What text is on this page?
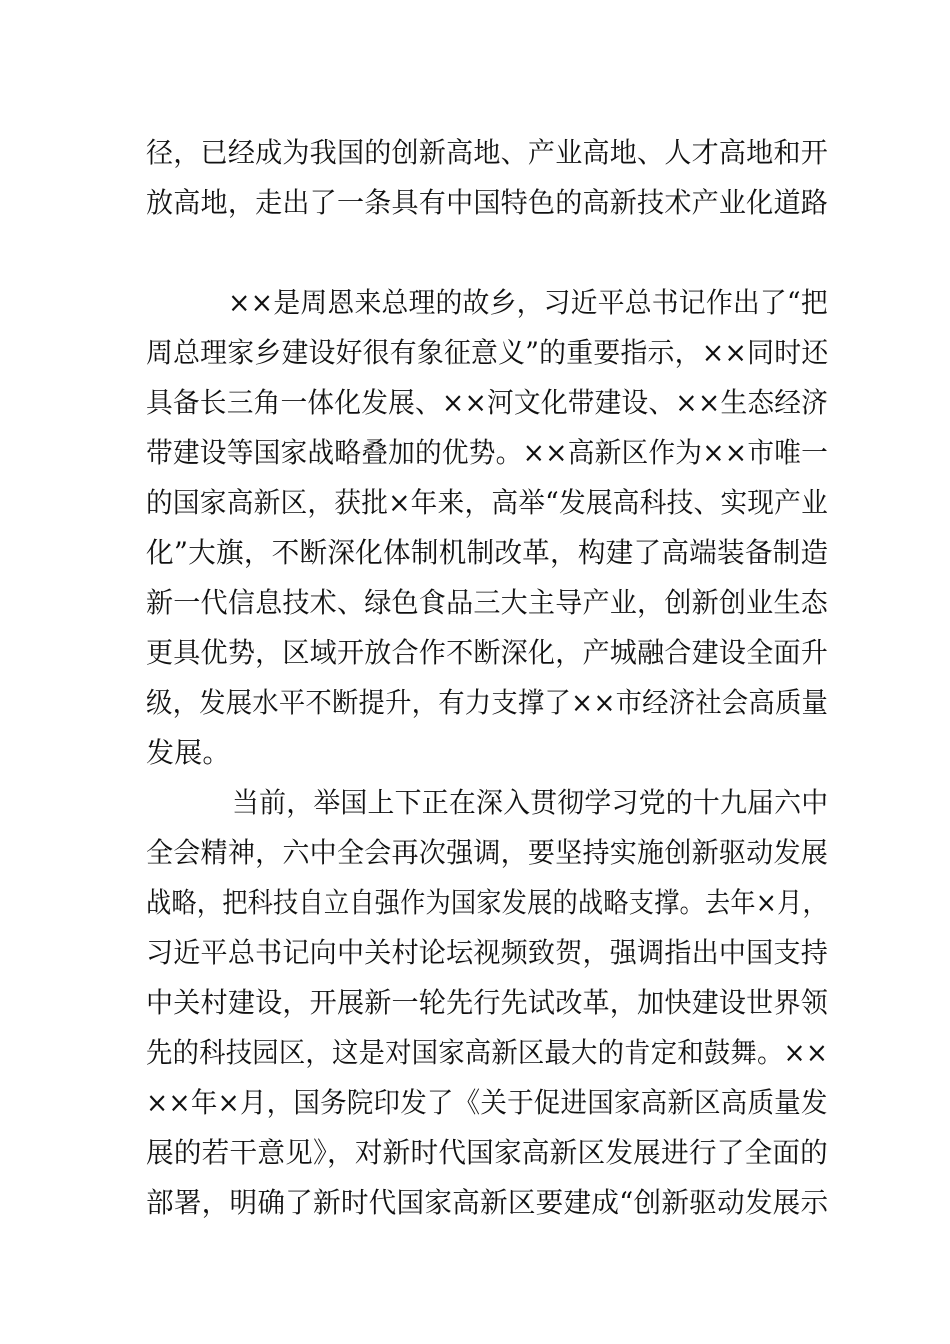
径，已经成为我国的创新高地、产业高地、人才高地和开
放高地，走出了一条具有中国特色的高新技术产业化道路
××是周恩来总理的故乡，习近平总书记作出了“把
周总理家乡建设好很有象征意义”的重要指示，××同时还
具备长三角一体化发展、××河文化带建设、××生态经济
带建设等国家战略叠加的优势。××高新区作为××市唯一
的国家高新区，获批×年来，高举“发展高科技、实现产业
化”大旗，不断深化体制机制改革，构建了高端装备制造
新一代信息技术、绿色食品三大主导产业，创新创业生态
更具优势，区域开放合作不断深化，产城融合建设全面升
级，发展水平不断提升，有力支撑了××市经济社会高质量
发展。
当前，举国上下正在深入贯彻学习党的十九届六中
全会精神，六中全会再次强调，要坚持实施创新驱动发展
战略，把科技自立自强作为国家发展的战略支撑。去年×月，
习近平总书记向中关村论坛视频致贺，强调指出中国支持
中关村建设，开展新一轮先行先试改革，加快建设世界领
先的科技园区，这是对国家高新区最大的肯定和鼓舞。××
××年×月，国务院印发了《关于促进国家高新区高质量发
展的若干意见》，对新时代国家高新区发展进行了全面的
部署，明确了新时代国家高新区要建成“创新驱动发展示
